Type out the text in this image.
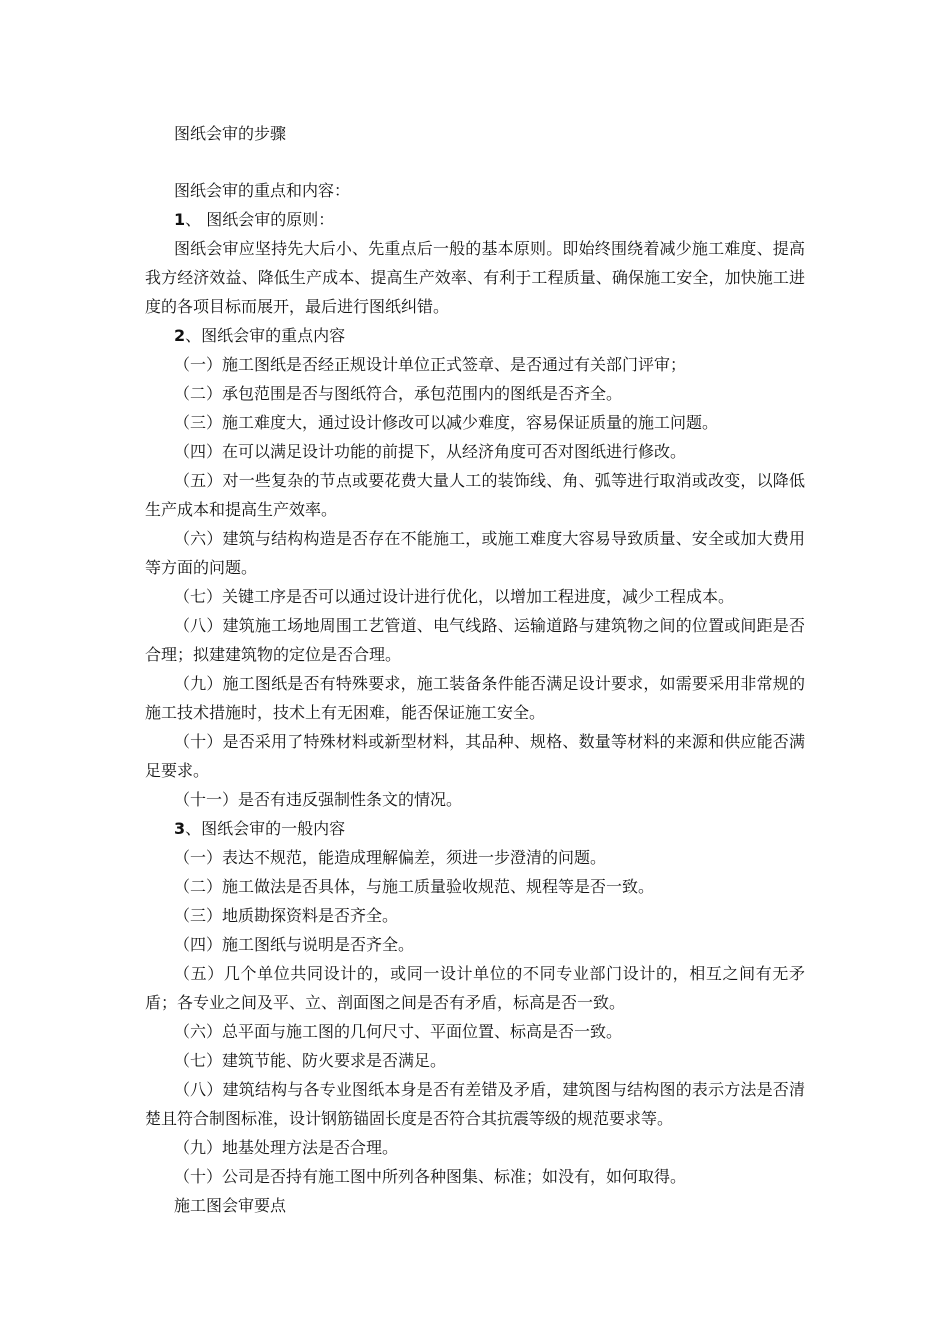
图纸会审的步骤

图纸会审的重点和内容：

1、 图纸会审的原则：

图纸会审应坚持先大后小、先重点后一般的基本原则。即始终围绕着减少施工难度、提高我方经济效益、降低生产成本、提高生产效率、有利于工程质量、确保施工安全，加快施工进度的各项目标而展开，最后进行图纸纠错。

2、图纸会审的重点内容

（一）施工图纸是否经正规设计单位正式签章、是否通过有关部门评审；

（二）承包范围是否与图纸符合，承包范围内的图纸是否齐全。

（三）施工难度大，通过设计修改可以减少难度，容易保证质量的施工问题。

（四）在可以满足设计功能的前提下，从经济角度可否对图纸进行修改。

（五）对一些复杂的节点或要花费大量人工的装饰线、角、弧等进行取消或改变，以降低生产成本和提高生产效率。

（六）建筑与结构构造是否存在不能施工，或施工难度大容易导致质量、安全或加大费用等方面的问题。

（七）关键工序是否可以通过设计进行优化，以增加工程进度，减少工程成本。

（八）建筑施工场地周围工艺管道、电气线路、运输道路与建筑物之间的位置或间距是否合理；拟建建筑物的定位是否合理。

（九）施工图纸是否有特殊要求，施工装备条件能否满足设计要求，如需要采用非常规的施工技术措施时，技术上有无困难，能否保证施工安全。

（十）是否采用了特殊材料或新型材料，其品种、规格、数量等材料的来源和供应能否满足要求。

（十一）是否有违反强制性条文的情况。

3、图纸会审的一般内容

（一）表达不规范，能造成理解偏差，须进一步澄清的问题。

（二）施工做法是否具体，与施工质量验收规范、规程等是否一致。

（三）地质勘探资料是否齐全。

（四）施工图纸与说明是否齐全。

（五）几个单位共同设计的，或同一设计单位的不同专业部门设计的，相互之间有无矛盾；各专业之间及平、立、剖面图之间是否有矛盾，标高是否一致。

（六）总平面与施工图的几何尺寸、平面位置、标高是否一致。

（七）建筑节能、防火要求是否满足。

（八）建筑结构与各专业图纸本身是否有差错及矛盾，建筑图与结构图的表示方法是否清楚且符合制图标准，设计钢筋锚固长度是否符合其抗震等级的规范要求等。

（九）地基处理方法是否合理。

（十）公司是否持有施工图中所列各种图集、标准；如没有，如何取得。

施工图会审要点
